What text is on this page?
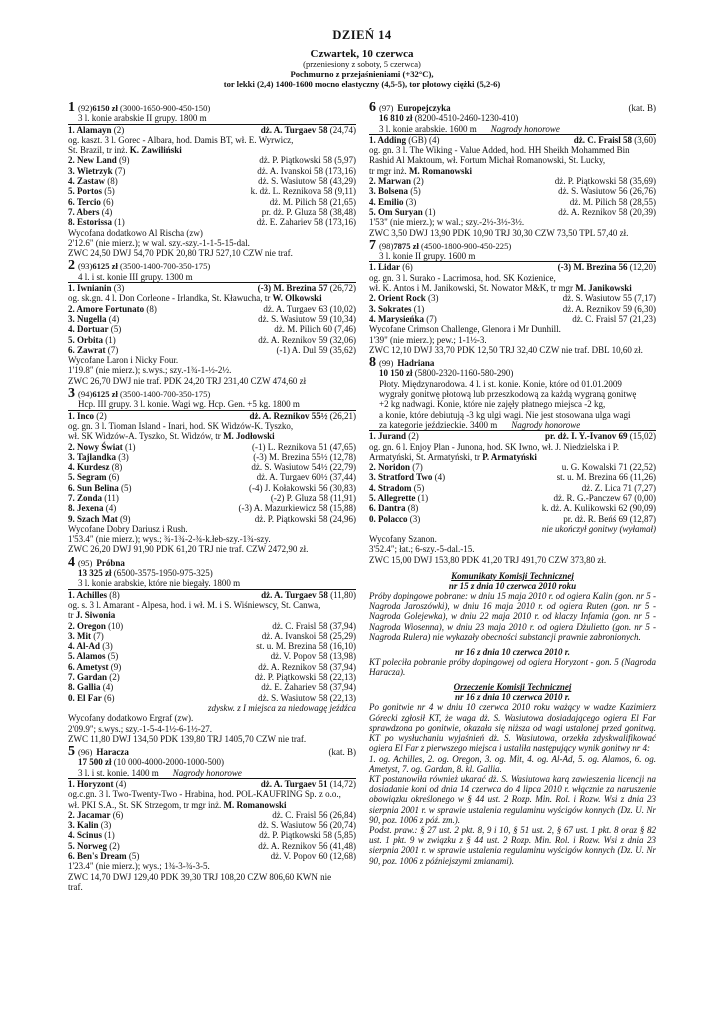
DZIEŃ 14
Czwartek, 10 czerwca
(przeniesiony z soboty, 5 czerwca)
Pochmurno z przejaśnieniami (+32°C),
tor lekki (2,4) 1400-1600 mocno elastyczny (4,5-5), tor płotowy ciężki (5,2-6)
1 (92) 6150 zł (3000-1650-900-450-150)
3 l. konie arabskie II grupy. 1800 m
1. Alamayn (2)	dż. A. Turgaev 58 (24,74)
og. kaszt. 3 l. Gorec - Albara, hod. Damis BT, wł. E. Wyrwicz,
St. Brazil, tr inż. K. Zawiliński
2. New Land (9)	dż. P. Piątkowski 58 (5,97)
3. Wietrzyk (7)	dż. A. Ivanskoi 58 (173,16)
4. Zastaw (8)	dż. S. Wasiutow 58 (43,29)
5. Portos (5)	k. dż. L. Reznikova 58 (9,11)
6. Tercio (6)	dż. M. Pilich 58 (21,65)
7. Abers (4)	pr. dż. P. Gluza 58 (38,48)
8. Estorissa (1)	dż. E. Zahariev 58 (173,16)
Wycofana dodatkowo Al Rischa (zw)
2'12.6" (nie mierz.); w wal. szy.-szy.-1-1-5-15-dal.
ZWC 24,50 DWJ 54,70 PDK 20,80 TRJ 527,10 CZW nie traf.
2 (93) 6125 zł (3500-1400-700-350-175)
4 l. i st. konie III grupy. 1300 m
1. Iwnianin (3)	(-3) M. Brezina 57 (26,72)
og. sk.gn. 4 l. Don Corleone - Irlandka, St. Kławucha, tr W. Olkowski
2. Amore Fortunato (8)	dż. A. Turgaev 63 (10,02)
3. Nugella (4)	dż. S. Wasiutow 59 (10,34)
4. Dortuar (5)	dż. M. Pilich 60 (7,46)
5. Orbita (1)	dż. A. Reznikov 59 (32,06)
6. Zawrat (7)	(-1) A. Dul 59 (35,62)
Wycofane Laron i Nicky Four.
1'19.8" (nie mierz.); s.wys.; szy.-1¾-1-½-2½.
ZWC 26,70 DWJ nie traf. PDK 24,20 TRJ 231,40 CZW 474,60 zł
3 (94) 6125 zł (3500-1400-700-350-175)
Hcp. III grupy. 3 l. konie. Wagi wg. Hcp. Gen. +5 kg. 1800 m
1. Inco (2)	dż. A. Reznikov 55½ (26,21)
og. gn. 3 l. Tioman Island - Inari, hod. SK Widzów-K. Tyszko,
wł. SK Widzów-A. Tyszko, St. Widzów, tr M. Jodłowski
2. Nowy Świat (1)	(-1) L. Reznikova 51 (47,65)
3. Tajlandka (3)	(-3) M. Brezina 55½ (12,78)
4. Kurdesz (8)	dż. S. Wasiutow 54½ (22,79)
5. Segram (6)	dż. A. Turgaev 60½ (37,44)
6. Sun Belina (5)	(-4) J. Kołakowski 56 (30,83)
7. Zonda (11)	(-2) P. Gluza 58 (11,91)
8. Jexena (4)	(-3) A. Mazurkiewicz 58 (15,88)
9. Szach Mat (9)	dż. P. Piątkowski 58 (24,96)
Wycofane Dobry Dariusz i Rush.
1'53.4" (nie mierz.); wys.; ¾-1¾-2-¾-k.łeb-szy.-1¾-szy.
ZWC 26,20 DWJ 91,90 PDK 61,20 TRJ nie traf. CZW 2472,90 zł.
4 (95) Próbna
13 325 zł (6500-3575-1950-975-325)
3 l. konie arabskie, które nie biegały. 1800 m
1. Achilles (8)	dż. A. Turgaev 58 (11,80)
og. s. 3 l. Amarant - Alpesa, hod. i wł. M. i S. Wiśniewscy, St. Canwa,
tr J. Siwonia
2. Oregon (10)	dż. C. Fraisl 58 (37,94)
3. Mit (7)	dż. A. Ivanskoi 58 (25,29)
4. Al-Ad (3)	st. u. M. Brezina 58 (16,10)
5. Alamos (5)	dż. V. Popov 58 (13,98)
6. Ametyst (9)	dż. A. Reznikov 58 (37,94)
7. Gardan (2)	dż. P. Piątkowski 58 (22,13)
8. Gallia (4)	dż. E. Zahariev 58 (37,94)
0. El Far (6)	dż. S. Wasiutow 58 (22,13)
zdyskw. z I miejsca za niedowagę jeźdźca
Wycofany dodatkowo Ergraf (zw).
2'09.9"; s.wys.; szy.-1-5-4-1½-6-1½-27.
ZWC 11,80 DWJ 134,50 PDK 139,80 TRJ 1405,70 CZW nie traf.
5 (96) Haracza	(kat. B)
17 500 zł (10 000-4000-2000-1000-500)
3 l. i st. konie. 1400 m Nagrody honorowe
1. Horyzont (4)	dż. A. Turgaev 51 (14,72)
og.c.gn. 3 l. Two-Twenty-Two - Hrabina, hod. POL-KAUFRING Sp. z o.o.,
wł. PKI S.A., St. SK Strzegom, tr mgr inż. M. Romanowski
2. Jacamar (6)	dż. C. Fraisl 56 (26,84)
3. Kalin (3)	dż. S. Wasiutow 56 (20,74)
4. Scinus (1)	dż. P. Piątkowski 58 (5,85)
5. Norweg (2)	dż. A. Reznikov 56 (41,48)
6. Ben's Dream (5)	dż. V. Popov 60 (12,68)
1'23.4" (nie mierz.); wys.; 1¾-3-¾-3-5.
ZWC 14,70 DWJ 129,40 PDK 39,30 TRJ 108,20 CZW 806,60 KWN nie
traf.
6 (97) Europejczyka	(kat. B)
16 810 zł (8200-4510-2460-1230-410)
3 l. konie arabskie. 1600 m Nagrody honorowe
1. Adding (GB) (4)	dż. C. Fraisl 58 (3,60)
og. gn. 3 l. The Wiking - Value Added, hod. HH Sheikh Mohammed Bin
Rashid Al Maktoum, wł. Fortum Michał Romanowski, St. Lucky,
tr mgr inż. M. Romanowski
2. Marwan (2)	dż. P. Piątkowski 58 (35,69)
3. Bolsena (5)	dż. S. Wasiutow 56 (26,76)
4. Emilio (3)	dż. M. Pilich 58 (28,55)
5. Om Suryan (1)	dż. A. Reznikov 58 (20,39)
1'53" (nie mierz.); w wal.; szy.-2½-3½-3½.
ZWC 3,50 DWJ 13,90 PDK 10,90 TRJ 30,30 CZW 73,50 TPL 57,40 zł.
7 (98) 7875 zł (4500-1800-900-450-225)
3 l. konie II grupy. 1600 m
1. Lidar (6)	(-3) M. Brezina 56 (12,20)
og. gn. 3 l. Surako - Lacrimosa, hod. SK Kozienice,
wł. K. Antos i M. Janikowski, St. Nowator M&K, tr mgr M. Janikowski
2. Orient Rock (3)	dż. S. Wasiutow 55 (7,17)
3. Sokrates (1)	dż. A. Reznikov 59 (6,30)
4. Marysieńka (7)	dż. C. Fraisl 57 (21,23)
Wycofane Crimson Challenge, Glenora i Mr Dunhill.
1'39" (nie mierz.); pew.; 1-1½-3.
ZWC 12,10 DWJ 33,70 PDK 12,50 TRJ 32,40 CZW nie traf. DBL 10,60 zł.
8 (99) Hadriana
10 150 zł (5800-2320-1160-580-290)
Płoty. Międzynarodowa. 4 l. i st. konie. Konie, które od 01.01.2009
wygrały gonitwę płotową lub przeszkodową za każdą wygraną gonitwę
+2 kg nadwagi. Konie, które nie zajęły płatnego miejsca -2 kg,
a konie, które debiutują -3 kg ulgi wagi. Nie jest stosowana ulga wagi
za kategorie jeździeckie. 3400 m Nagrody honorowe
1. Jurand (2)	pr. dż. I. Y.-Ivanov 69 (15,02)
og. gn. 6 l. Enjoy Plan - Junona, hod. SK Iwno, wł. J. Niedzielska i P.
Armatyński, St. Armatyński, tr P. Armatyński
2. Noridon (7)	u. G. Kowalski 71 (22,52)
3. Stratford Two (4)	st. u. M. Brezina 66 (11,26)
4. Stradom (5)	dż. Z. Lica 71 (7,27)
5. Allegrette (1)	dż. R. G.-Panczew 67 (0,00)
6. Dantra (8)	k. dż. A. Kulikowski 62 (90,09)
0. Polacco (3)	pr. dż. R. Beńś 69 (12,87)
nie ukończył gonitwy (wyłamał)
Wycofany Szanon.
3'52.4"; łat.; 6-szy.-5-dal.-15.
ZWC 15,00 DWJ 153,80 PDK 41,20 TRJ 491,70 CZW 373,80 zł.
Komunikaty Komisji Technicznej
nr 15 z dnia 10 czerwca 2010 roku
Próby dopingowe pobrane: w dniu 15 maja 2010 r. od ogiera Kalin (gon. nr 5 - Nagroda Jaroszówki), w dniu 16 maja 2010 r. od ogiera Ruten (gon. nr 5 - Nagroda Golejewka), w dniu 22 maja 2010 r. od klaczy Infamia (gon. nr 5 - Nagroda Wiosenna), w dniu 23 maja 2010 r. od ogiera Dżulietto (gon. nr 5 - Nagroda Rulera) nie wykazały obecności substancji prawnie zabronionych.
nr 16 z dnia 10 czerwca 2010 r.
KT poleciła pobranie próby dopingowej od ogiera Horyzont - gon. 5 (Nagroda Haracza).
Orzeczenie Komisji Technicznej
nr 16 z dnia 10 czerwca 2010 r.
Po gonitwie nr 4 w dniu 10 czerwca 2010 roku ważący w wadze Kazimierz Górecki zgłosił KT, że waga dż. S. Wasiutowa dosiadającego ogiera El Far sprawdzona po gonitwie, okazała się niższa od wagi ustalonej przed gonitwą. KT po wysłuchaniu wyjaśnień dż. S. Wasiutowa, orzekła zdyskwalifikować ogiera El Far z pierwszego miejsca i ustaliła następujący wynik gonitwy nr 4:
1. og. Achilles, 2. og. Oregon, 3. og. Mit, 4. og. Al-Ad, 5. og. Alamos, 6. og. Ametyst, 7. og. Gardan, 8. kl. Gallia.
KT postanowiła również ukarać dż. S. Wasiutowa karą zawieszenia licencji na dosiadanie koni od dnia 14 czerwca do 4 lipca 2010 r. włącznie za naruszenie obowiązku określonego w § 44 ust. 2 Rozp. Min. Rol. i Rozw. Wsi z dnia 23 sierpnia 2001 r. w sprawie ustalenia regulaminu wyścigów konnych (Dz. U. Nr 90, poz. 1006 z póź. zm.).
Podst. praw.: § 27 ust. 2 pkt. 8, 9 i 10, § 51 ust. 2, § 67 ust. 1 pkt. 8 oraz § 82 ust. 1 pkt. 9 w związku z § 44 ust. 2 Rozp. Min. Rol. i Rozw. Wsi z dnia 23 sierpnia 2001 r. w sprawie ustalenia regulaminu wyścigów konnych (Dz. U. Nr 90, poz. 1006 z późniejszymi zmianami).
